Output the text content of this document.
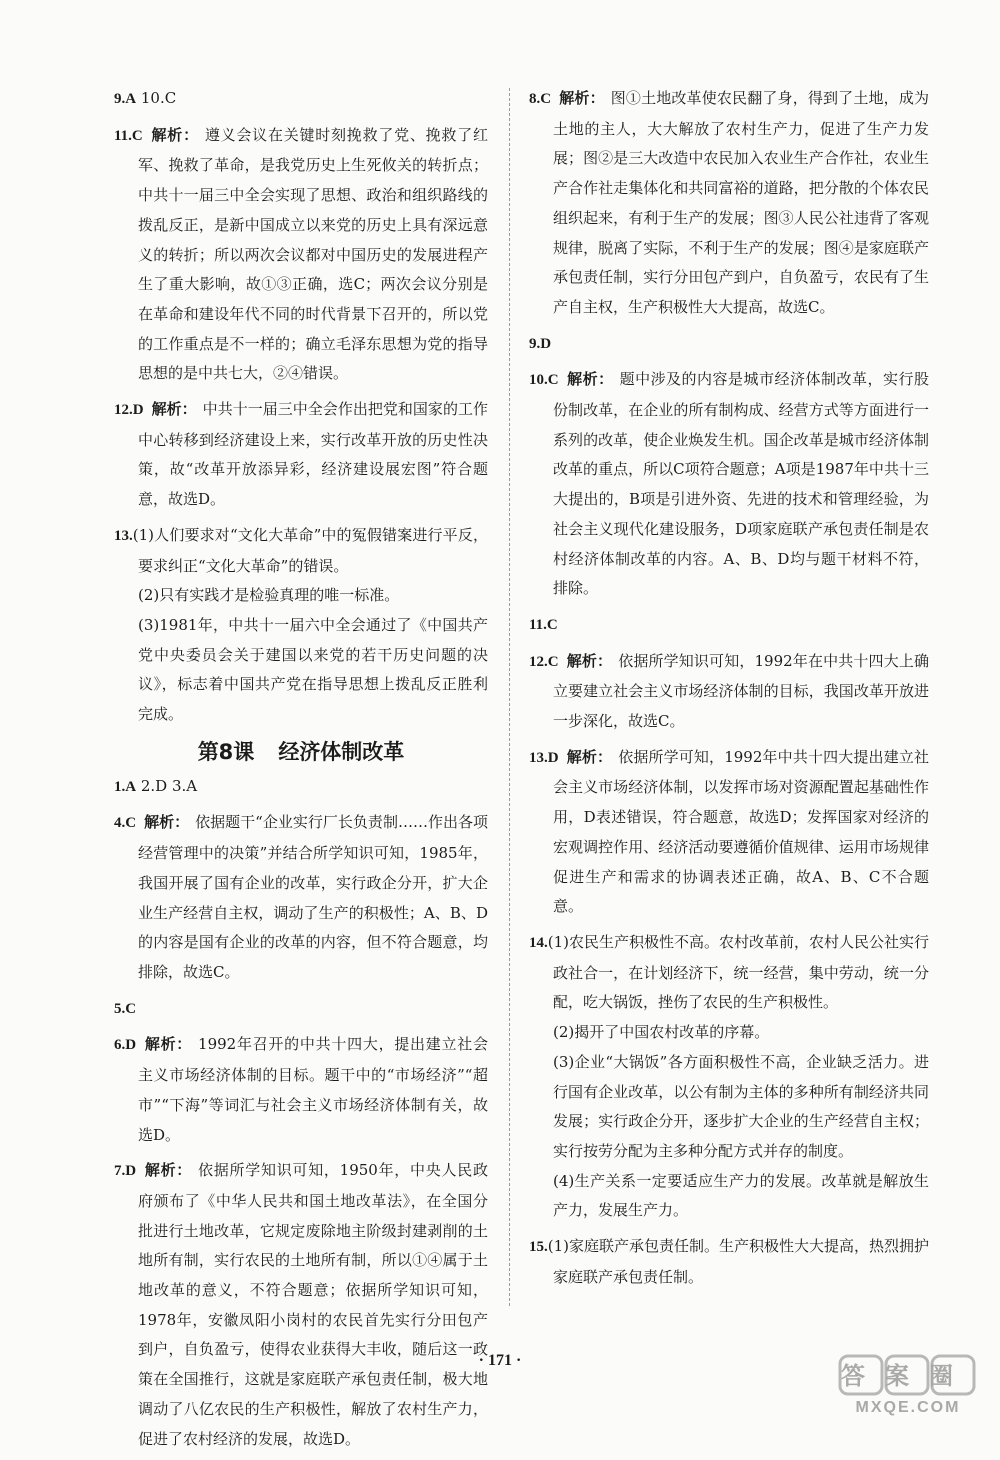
9.A 10.C
11.C 解析： 遵义会议在关键时刻挽救了党、挽救了红军、挽救了革命，是我党历史上生死攸关的转折点；中共十一届三中全会实现了思想、政治和组织路线的拨乱反正，是新中国成立以来党的历史上具有深远意义的转折；所以两次会议都对中国历史的发展进程产生了重大影响，故①③正确，选C；两次会议分别是在革命和建设年代不同的时代背景下召开的，所以党的工作重点是不一样的；确立毛泽东思想为党的指导思想的是中共七大，②④错误。
12.D 解析： 中共十一届三中全会作出把党和国家的工作中心转移到经济建设上来，实行改革开放的历史性决策，故“改革开放添异彩，经济建设展宏图”符合题意，故选D。
13.(1)人们要求对“文化大革命”中的冤假错案进行平反，要求纠正“文化大革命”的错误。
(2)只有实践才是检验真理的唯一标准。
(3)1981年，中共十一届六中全会通过了《中国共产党中央委员会关于建国以来党的若干历史问题的决议》，标志着中国共产党在指导思想上拨乱反正胜利完成。
第8课 经济体制改革
1.A 2.D 3.A
4.C 解析： 依据题干“企业实行厂长负责制……作出各项经营管理中的决策”并结合所学知识可知，1985年，我国开展了国有企业的改革，实行政企分开，扩大企业生产经营自主权，调动了生产的积极性；A、B、D的内容是国有企业的改革的内容，但不符合题意，均排除，故选C。
5.C
6.D 解析： 1992年召开的中共十四大，提出建立社会主义市场经济体制的目标。题干中的“市场经济”“超市”“下海”等词汇与社会主义市场经济体制有关，故选D。
7.D 解析： 依据所学知识可知，1950年，中央人民政府颁布了《中华人民共和国土地改革法》，在全国分批进行土地改革，它规定废除地主阶级封建剥削的土地所有制，实行农民的土地所有制，所以①④属于土地改革的意义，不符合题意；依据所学知识可知，1978年，安徽凤阳小岗村的农民首先实行分田包产到户，自负盈亏，使得农业获得大丰收，随后这一政策在全国推行，这就是家庭联产承包责任制，极大地调动了八亿农民的生产积极性，解放了农村生产力，促进了农村经济的发展，故选D。
8.C 解析： 图①土地改革使农民翻了身，得到了土地，成为土地的主人，大大解放了农村生产力，促进了生产力发展；图②是三大改造中农民加入农业生产合作社，农业生产合作社走集体化和共同富裕的道路，把分散的个体农民组织起来，有利于生产的发展；图③人民公社违背了客观规律，脱离了实际，不利于生产的发展；图④是家庭联产承包责任制，实行分田包产到户，自负盈亏，农民有了生产自主权，生产积极性大大提高，故选C。
9.D
10.C 解析： 题中涉及的内容是城市经济体制改革，实行股份制改革，在企业的所有制构成、经营方式等方面进行一系列的改革，使企业焕发生机。国企改革是城市经济体制改革的重点，所以C项符合题意；A项是1987年中共十三大提出的，B项是引进外资、先进的技术和管理经验，为社会主义现代化建设服务，D项家庭联产承包责任制是农村经济体制改革的内容。A、B、D均与题干材料不符，排除。
11.C
12.C 解析： 依据所学知识可知，1992年在中共十四大上确立要建立社会主义市场经济体制的目标，我国改革开放进一步深化，故选C。
13.D 解析： 依据所学可知，1992年中共十四大提出建立社会主义市场经济体制，以发挥市场对资源配置起基础性作用，D表述错误，符合题意，故选D；发挥国家对经济的宏观调控作用、经济活动要遵循价值规律、运用市场规律促进生产和需求的协调表述正确，故A、B、C不合题意。
14.(1)农民生产积极性不高。农村改革前，农村人民公社实行政社合一，在计划经济下，统一经营，集中劳动，统一分配，吃大锅饭，挫伤了农民的生产积极性。
(2)揭开了中国农村改革的序幕。
(3)企业“大锅饭”各方面积极性不高，企业缺乏活力。进行国有企业改革，以公有制为主体的多种所有制经济共同发展；实行政企分开，逐步扩大企业的生产经营自主权；实行按劳分配为主多种分配方式并存的制度。
(4)生产关系一定要适应生产力的发展。改革就是解放生产力，发展生产力。
15.(1)家庭联产承包责任制。生产积极性大大提高，热烈拥护家庭联产承包责任制。
· 171 ·
答案圈
MXQE.COM
